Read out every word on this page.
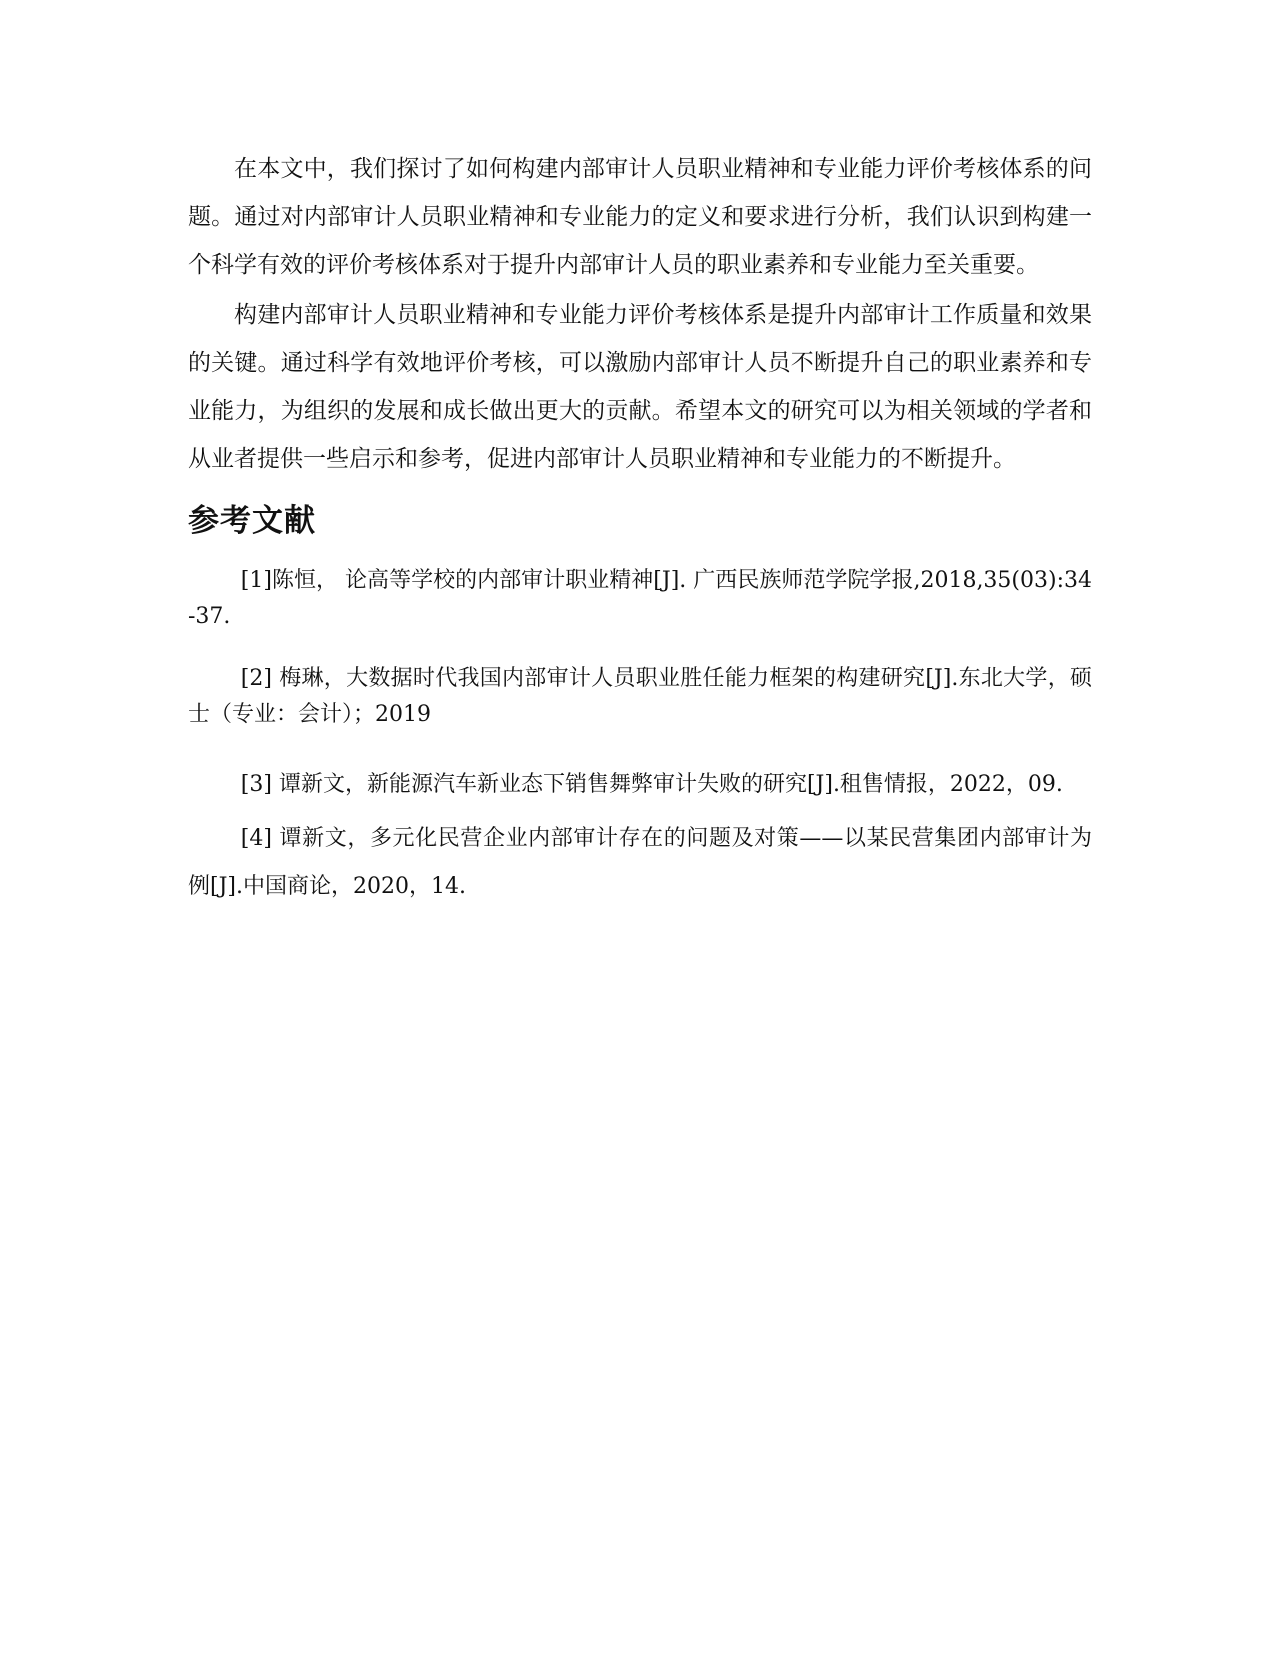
在本文中，我们探讨了如何构建内部审计人员职业精神和专业能力评价考核体系的问题。通过对内部审计人员职业精神和专业能力的定义和要求进行分析，我们认识到构建一个科学有效的评价考核体系对于提升内部审计人员的职业素养和专业能力至关重要。

构建内部审计人员职业精神和专业能力评价考核体系是提升内部审计工作质量和效果的关键。通过科学有效地评价考核，可以激励内部审计人员不断提升自己的职业素养和专业能力，为组织的发展和成长做出更大的贡献。希望本文的研究可以为相关领域的学者和从业者提供一些启示和参考，促进内部审计人员职业精神和专业能力的不断提升。

参考文献

[1]陈恒， 论高等学校的内部审计职业精神[J]. 广西民族师范学院学报,2018,35(03):34-37.

[2] 梅琳，大数据时代我国内部审计人员职业胜任能力框架的构建研究[J].东北大学，硕士（专业：会计）；2019

[3] 谭新文，新能源汽车新业态下销售舞弊审计失败的研究[J].租售情报，2022，09.

[4] 谭新文，多元化民营企业内部审计存在的问题及对策——以某民营集团内部审计为例[J].中国商论，2020，14.
